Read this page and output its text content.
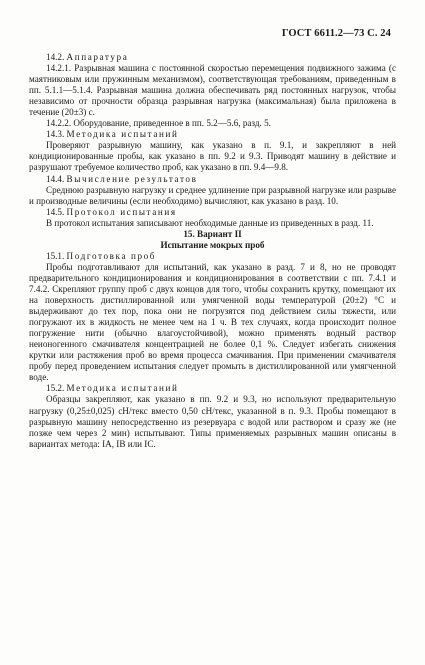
ГОСТ 6611.2—73 С. 24

14.2. Аппаратура

14.2.1. Разрывная машина с постоянной скоростью перемещения подвижного зажима (с маятниковым или пружинным механизмом), соответствующая требованиям, приведенным в пп. 5.1.1—5.1.4. Разрывная машина должна обеспечивать ряд постоянных нагрузок, чтобы независимо от прочности образца разрывная нагрузка (максимальная) была приложена в течение (20±3) с.

14.2.2. Оборудование, приведенное в пп. 5.2—5.6, разд. 5.

14.3. Методика испытаний

Проверяют разрывную машину, как указано в п. 9.1, и закрепляют в ней кондиционированные пробы, как указано в пп. 9.2 и 9.3. Приводят машину в действие и разрушают требуемое количество проб, как указано в пп. 9.4—9.8.

14.4. Вычисление результатов

Среднюю разрывную нагрузку и среднее удлинение при разрывной нагрузке или разрыве и производные величины (если необходимо) вычисляют, как указано в разд. 10.

14.5. Протокол испытания

В протокол испытания записывают необходимые данные из приведенных в разд. 11.

15. Вариант II

Испытание мокрых проб

15.1. Подготовка проб

Пробы подготавливают для испытаний, как указано в разд. 7 и 8, но не проводят предварительного кондиционирования и кондиционирования в соответствии с пп. 7.4.1 и 7.4.2. Скрепляют группу проб с двух концов для того, чтобы сохранить крутку, помещают их на поверхность дистиллированной или умягченной воды температурой (20±2) °С и выдерживают до тех пор, пока они не погрузятся под действием силы тяжести, или погружают их в жидкость не менее чем на 1 ч. В тех случаях, когда происходит полное погружение нити (обычно влагоустойчивой), можно применять водный раствор неионогенного смачивателя концентрацией не более 0,1 %. Следует избегать снижения крутки или растяжения проб во время процесса смачивания. При применении смачивателя пробу перед проведением испытания следует промыть в дистиллированной или умягченной воде.

15.2. Методика испытаний

Образцы закрепляют, как указано в пп. 9.2 и 9.3, но используют предварительную нагрузку (0,25±0,025) сН/текс вместо 0,50 сН/текс, указанной в п. 9.3. Пробы помещают в разрывную машину непосредственно из резервуара с водой или раствором и сразу же (не позже чем через 2 мин) испытывают. Типы применяемых разрывных машин описаны в вариантах метода: IA, IB или IC.
